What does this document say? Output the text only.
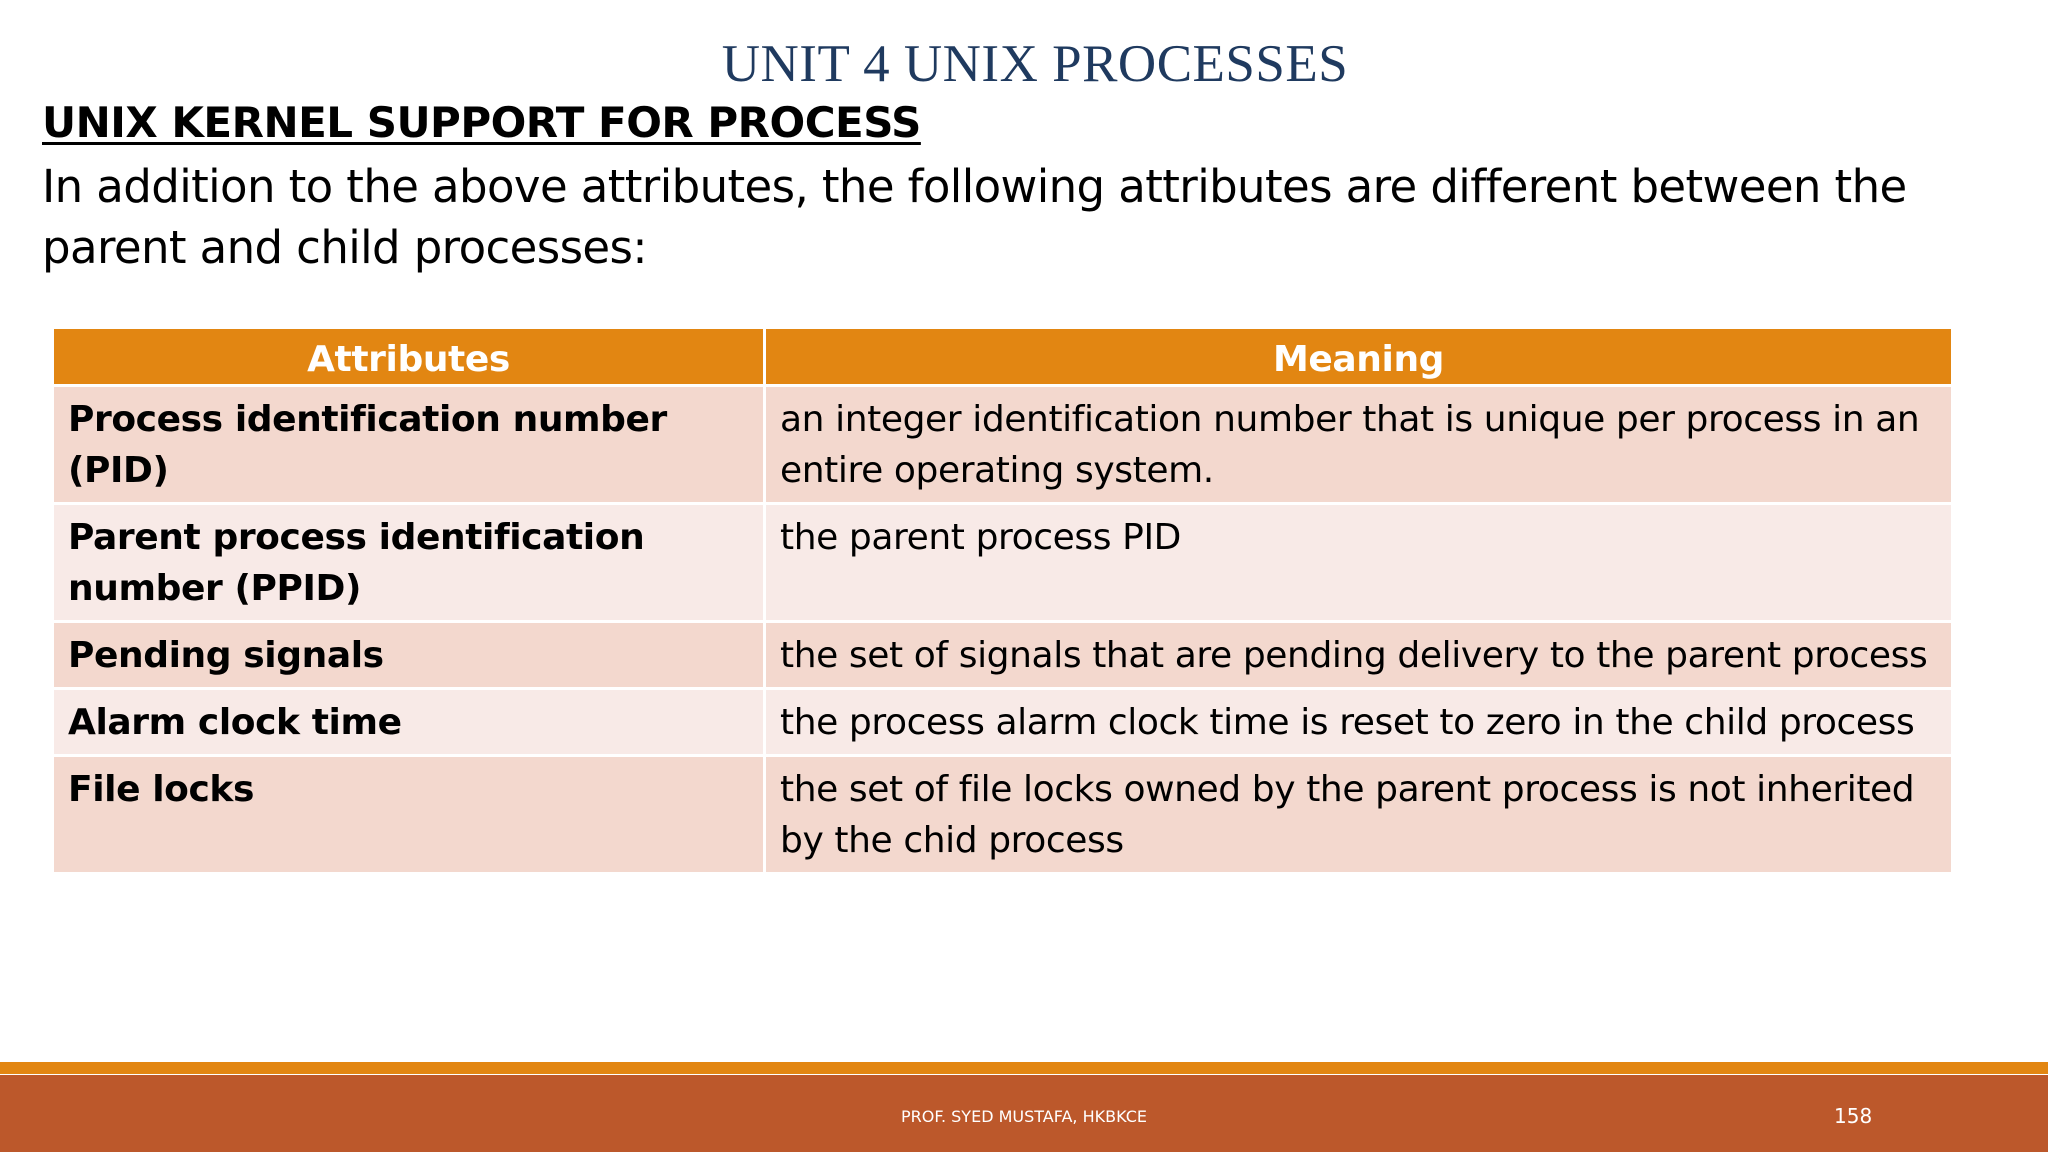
UNIT 4 UNIX PROCESSES
UNIX KERNEL SUPPORT FOR PROCESS
In addition to the above attributes, the following attributes are different between the parent and child processes:
Attributes	Meaning
Process identification number (PID)	an integer identification number that is unique per process in an entire operating system.
Parent process identification number (PPID)	the parent process PID
Pending signals	the set of signals that are pending delivery to the parent process
Alarm clock time	the process alarm clock time is reset to zero in the child process
File locks	the set of file locks owned by the parent process is not inherited by the chid process
PROF. SYED MUSTAFA, HKBKCE	158
